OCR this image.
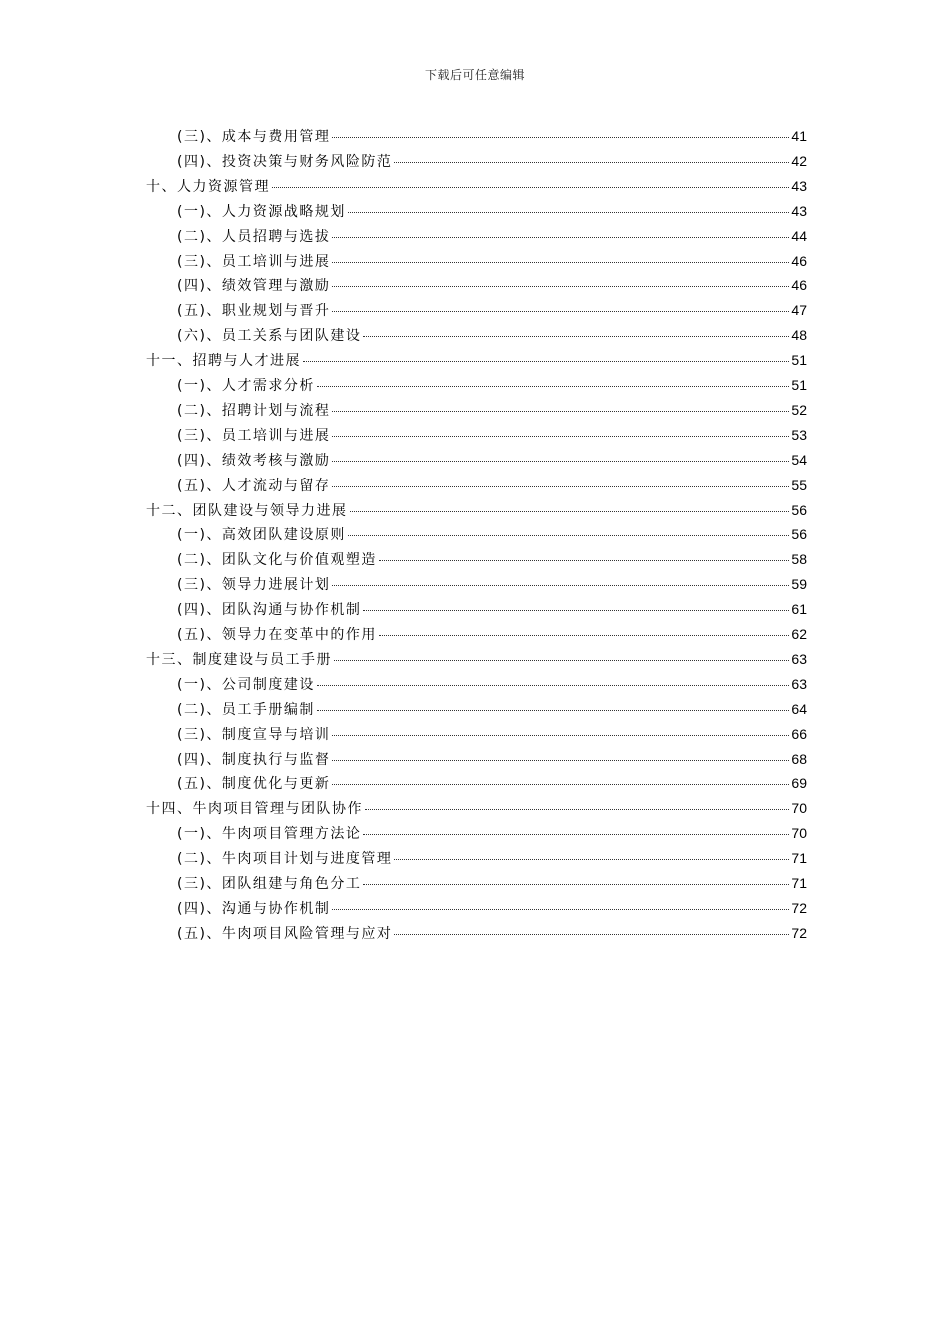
下载后可任意编辑
(三)、成本与费用管理	41
(四)、投资决策与财务风险防范	42
十、人力资源管理	43
(一)、人力资源战略规划	43
(二)、人员招聘与选拔	44
(三)、员工培训与进展	46
(四)、绩效管理与激励	46
(五)、职业规划与晋升	47
(六)、员工关系与团队建设	48
十一、招聘与人才进展	51
(一)、人才需求分析	51
(二)、招聘计划与流程	52
(三)、员工培训与进展	53
(四)、绩效考核与激励	54
(五)、人才流动与留存	55
十二、团队建设与领导力进展	56
(一)、高效团队建设原则	56
(二)、团队文化与价值观塑造	58
(三)、领导力进展计划	59
(四)、团队沟通与协作机制	61
(五)、领导力在变革中的作用	62
十三、制度建设与员工手册	63
(一)、公司制度建设	63
(二)、员工手册编制	64
(三)、制度宣导与培训	66
(四)、制度执行与监督	68
(五)、制度优化与更新	69
十四、牛肉项目管理与团队协作	70
(一)、牛肉项目管理方法论	70
(二)、牛肉项目计划与进度管理	71
(三)、团队组建与角色分工	71
(四)、沟通与协作机制	72
(五)、牛肉项目风险管理与应对	72
